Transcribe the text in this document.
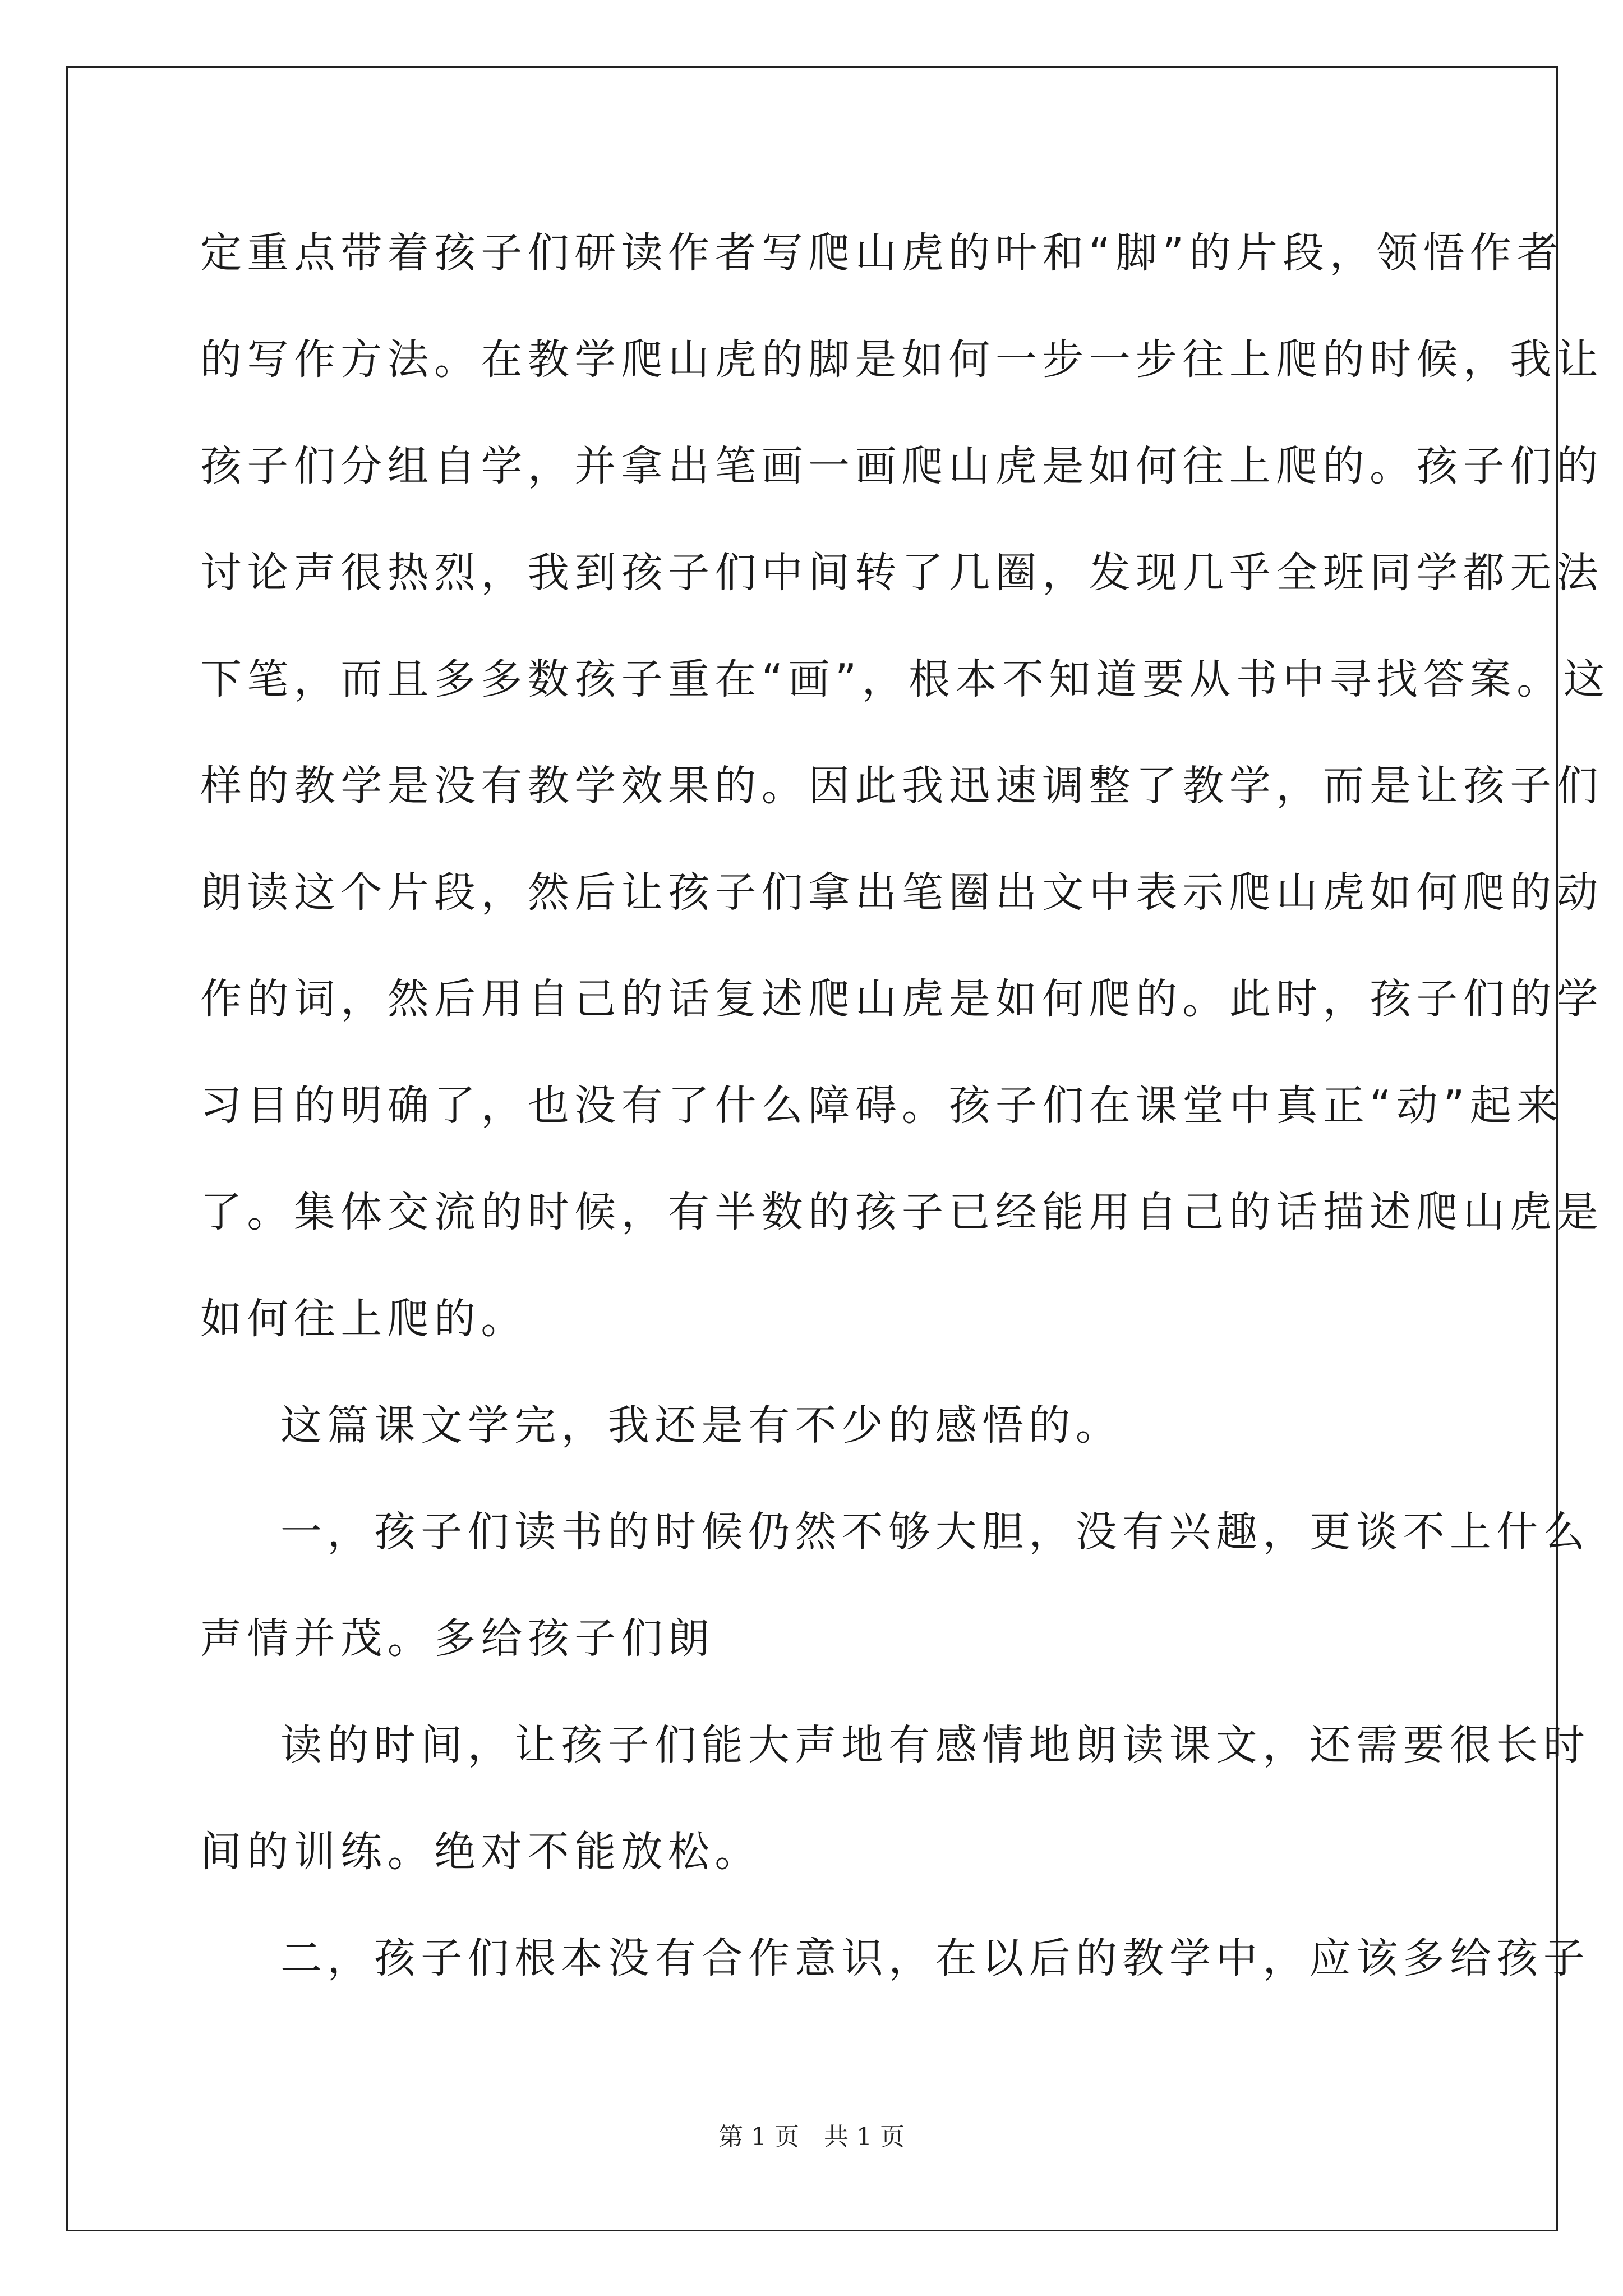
定重点带着孩子们研读作者写爬山虎的叶和“脚”的片段，领悟作者
的写作方法。在教学爬山虎的脚是如何一步一步往上爬的时候，我让
孩子们分组自学，并拿出笔画一画爬山虎是如何往上爬的。孩子们的
讨论声很热烈，我到孩子们中间转了几圈，发现几乎全班同学都无法
下笔，而且多多数孩子重在“画”，根本不知道要从书中寻找答案。这
样的教学是没有教学效果的。因此我迅速调整了教学，而是让孩子们
朗读这个片段，然后让孩子们拿出笔圈出文中表示爬山虎如何爬的动
作的词，然后用自己的话复述爬山虎是如何爬的。此时，孩子们的学
习目的明确了，也没有了什么障碍。孩子们在课堂中真正“动”起来
了。集体交流的时候，有半数的孩子已经能用自己的话描述爬山虎是
如何往上爬的。
这篇课文学完，我还是有不少的感悟的。
一，孩子们读书的时候仍然不够大胆，没有兴趣，更谈不上什么
声情并茂。多给孩子们朗
读的时间，让孩子们能大声地有感情地朗读课文，还需要很长时
间的训练。绝对不能放松。
二，孩子们根本没有合作意识，在以后的教学中，应该多给孩子
第 1 页　共 1 页
